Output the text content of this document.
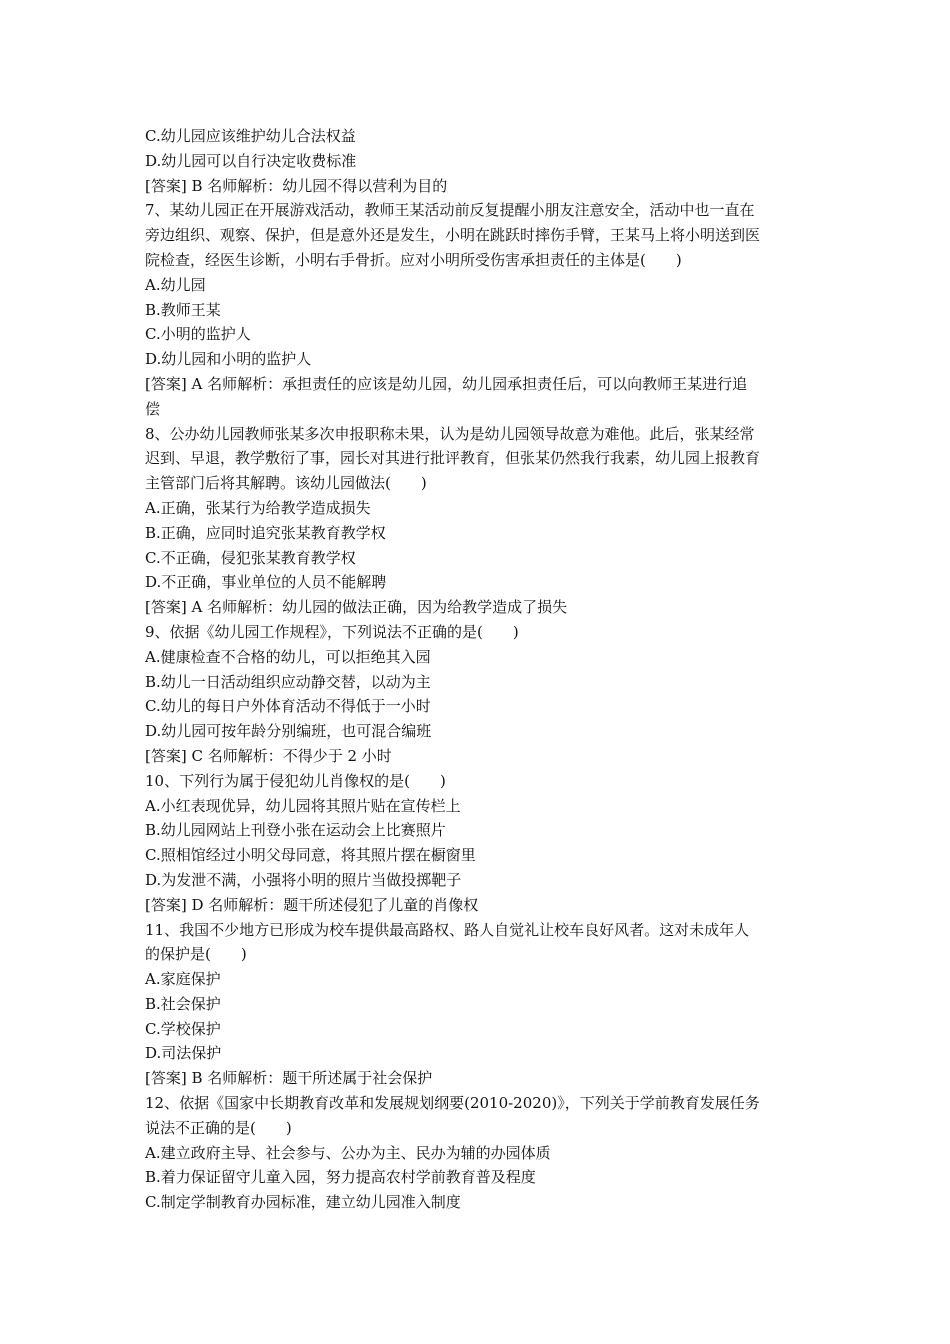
C.幼儿园应该维护幼儿合法权益
D.幼儿园可以自行决定收费标准
[答案] B 名师解析：幼儿园不得以营利为目的
7、某幼儿园正在开展游戏活动，教师王某活动前反复提醒小朋友注意安全，活动中也一直在
旁边组织、观察、保护，但是意外还是发生，小明在跳跃时摔伤手臂，王某马上将小明送到医
院检查，经医生诊断，小明右手骨折。应对小明所受伤害承担责任的主体是(　　)
A.幼儿园
B.教师王某
C.小明的监护人
D.幼儿园和小明的监护人
[答案] A 名师解析：承担责任的应该是幼儿园，幼儿园承担责任后，可以向教师王某进行追
偿
8、公办幼儿园教师张某多次申报职称未果，认为是幼儿园领导故意为难他。此后，张某经常
迟到、早退，教学敷衍了事，园长对其进行批评教育，但张某仍然我行我素，幼儿园上报教育
主管部门后将其解聘。该幼儿园做法(　　)
A.正确，张某行为给教学造成损失
B.正确，应同时追究张某教育教学权
C.不正确，侵犯张某教育教学权
D.不正确，事业单位的人员不能解聘
[答案] A 名师解析：幼儿园的做法正确，因为给教学造成了损失
9、依据《幼儿园工作规程》，下列说法不正确的是(　　)
A.健康检查不合格的幼儿，可以拒绝其入园
B.幼儿一日活动组织应动静交替，以动为主
C.幼儿的每日户外体育活动不得低于一小时
D.幼儿园可按年龄分别编班，也可混合编班
[答案] C 名师解析：不得少于 2 小时
10、下列行为属于侵犯幼儿肖像权的是(　　)
A.小红表现优异，幼儿园将其照片贴在宣传栏上
B.幼儿园网站上刊登小张在运动会上比赛照片
C.照相馆经过小明父母同意，将其照片摆在橱窗里
D.为发泄不满，小强将小明的照片当做投掷靶子
[答案] D 名师解析：题干所述侵犯了儿童的肖像权
11、我国不少地方已形成为校车提供最高路权、路人自觉礼让校车良好风者。这对未成年人
的保护是(　　)
A.家庭保护
B.社会保护
C.学校保护
D.司法保护
[答案] B 名师解析：题干所述属于社会保护
12、依据《国家中长期教育改革和发展规划纲要(2010-2020)》，下列关于学前教育发展任务
说法不正确的是(　　)
A.建立政府主导、社会参与、公办为主、民办为辅的办园体质
B.着力保证留守儿童入园，努力提高农村学前教育普及程度
C.制定学制教育办园标准，建立幼儿园准入制度
